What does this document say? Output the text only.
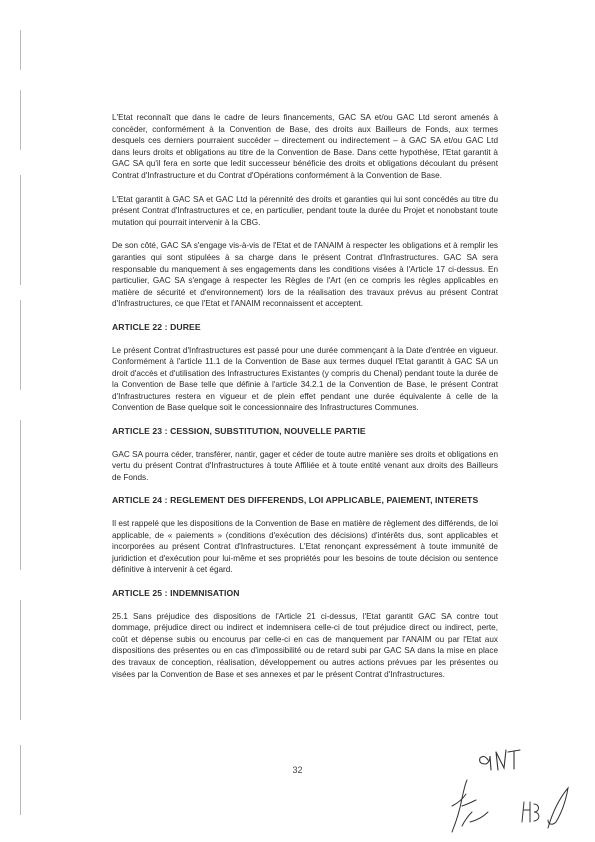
L'Etat reconnaît que dans le cadre de leurs financements, GAC SA et/ou GAC Ltd seront amenés à concéder, conformément à la Convention de Base, des droits aux Bailleurs de Fonds, aux termes desquels ces derniers pourraient succéder – directement ou indirectement – à GAC SA et/ou GAC Ltd dans leurs droits et obligations au titre de la Convention de Base. Dans cette hypothèse, l'Etat garantit à GAC SA qu'il fera en sorte que ledit successeur bénéficie des droits et obligations découlant du présent Contrat d'Infrastructure et du Contrat d'Opérations conformément à la Convention de Base.

L'Etat garantit à GAC SA et GAC Ltd la pérennité des droits et garanties qui lui sont concédés au titre du présent Contrat d'Infrastructures et ce, en particulier, pendant toute la durée du Projet et nonobstant toute mutation qui pourrait intervenir à la CBG.

De son côté, GAC SA s'engage vis-à-vis de l'Etat et de l'ANAIM à respecter les obligations et à remplir les garanties qui sont stipulées à sa charge dans le présent Contrat d'Infrastructures. GAC SA sera responsable du manquement à ses engagements dans les conditions visées à l'Article 17 ci-dessus. En particulier, GAC SA s'engage à respecter les Règles de l'Art (en ce compris les règles applicables en matière de sécurité et d'environnement) lors de la réalisation des travaux prévus au présent Contrat d'Infrastructures, ce que l'Etat et l'ANAIM reconnaissent et acceptent.

ARTICLE 22 : DUREE

Le présent Contrat d'Infrastructures est passé pour une durée commençant à la Date d'entrée en vigueur. Conformément à l'article 11.1 de la Convention de Base aux termes duquel l'Etat garantit à GAC SA un droit d'accès et d'utilisation des Infrastructures Existantes (y compris du Chenal) pendant toute la durée de la Convention de Base telle que définie à l'article 34.2.1 de la Convention de Base, le présent Contrat d'Infrastructures restera en vigueur et de plein effet pendant une durée équivalente à celle de la Convention de Base quelque soit le concessionnaire des Infrastructures Communes.

ARTICLE 23 : CESSION, SUBSTITUTION, NOUVELLE PARTIE

GAC SA pourra céder, transférer, nantir, gager et céder de toute autre manière ses droits et obligations en vertu du présent Contrat d'Infrastructures à toute Affiliée et à toute entité venant aux droits des Bailleurs de Fonds.

ARTICLE 24 : REGLEMENT DES DIFFERENDS, LOI APPLICABLE, PAIEMENT, INTERETS

Il est rappelé que les dispositions de la Convention de Base en matière de règlement des différends, de loi applicable, de « paiements » (conditions d'exécution des décisions) d'intérêts dus, sont applicables et incorporées au présent Contrat d'Infrastructures. L'Etat renonçant expressément à toute immunité de juridiction et d'exécution pour lui-même et ses propriétés pour les besoins de toute décision ou sentence définitive à intervenir à cet égard.

ARTICLE 25 : INDEMNISATION

25.1 Sans préjudice des dispositions de l'Article 21 ci-dessus, l'Etat garantit GAC SA contre tout dommage, préjudice direct ou indirect et indemnisera celle-ci de tout préjudice direct ou indirect, perte, coût et dépense subis ou encourus par celle-ci en cas de manquement par l'ANAIM ou par l'Etat aux dispositions des présentes ou en cas d'impossibilité ou de retard subi par GAC SA dans la mise en place des travaux de conception, réalisation, développement ou autres actions prévues par les présentes ou visées par la Convention de Base et ses annexes et par le présent Contrat d'Infrastructures.

32
